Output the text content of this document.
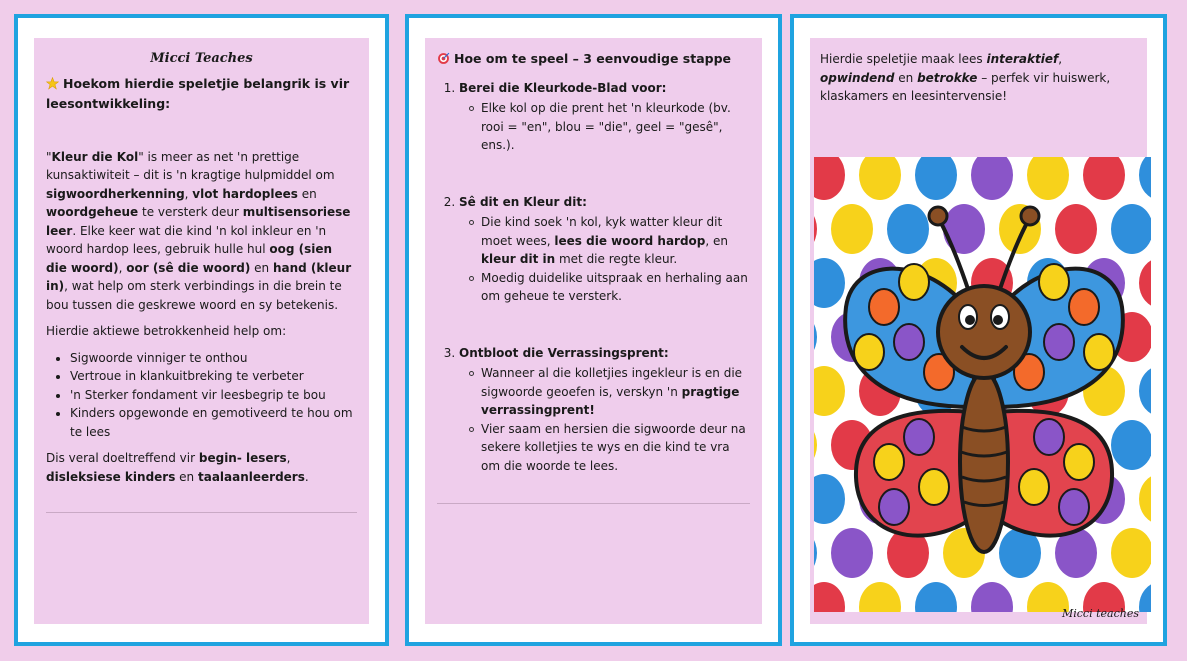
Micci Teaches

Hoekom hierdie speletjie belangrik is vir leesontwikkeling:

"Kleur die Kol" is meer as net 'n prettige kunsaktiwiteit – dit is 'n kragtige hulpmiddel om sigwoordherkenning, vlot hardoplees en woordgeheue te versterk deur multisensoriese leer. Elke keer wat die kind 'n kol inkleur en 'n woord hardop lees, gebruik hulle hul oog (sien die woord), oor (sê die woord) en hand (kleur in), wat help om sterk verbindings in die brein te bou tussen die geskrewe woord en sy betekenis.

Hierdie aktiewe betrokkenheid help om:

• Sigwoorde vinniger te onthou
• Vertroue in klankuitbreking te verbeter
• 'n Sterker fondament vir leesbegrip te bou
• Kinders opgewonde en gemotiveerd te hou om te lees

Dis veral doeltreffend vir begin- lesers, disleksiese kinders en taalaanleerders.

Hoe om te speel – 3 eenvoudige stappe

1. Berei die Kleurkode-Blad voor:
Elke kol op die prent het 'n kleurkode (bv. rooi = "en", blou = "die", geel = "gesê", ens.).
2. Sê dit en Kleur dit:
Die kind soek 'n kol, kyk watter kleur dit moet wees, lees die woord hardop, en kleur dit in met die regte kleur.
Moedig duidelike uitspraak en herhaling aan om geheue te versterk.
3. Ontbloot die Verrassingsprent:
Wanneer al die kolletjies ingekleur is en die sigwoorde geoefen is, verskyn 'n pragtige verrassingprent!
Vier saam en hersien die sigwoorde deur na sekere kolletjies te wys en die kind te vra om die woorde te lees.

Hierdie speletjie maak lees interaktief, opwindend en betrokke – perfek vir huiswerk, klaskamers en leesintervensie!

Micci teaches
